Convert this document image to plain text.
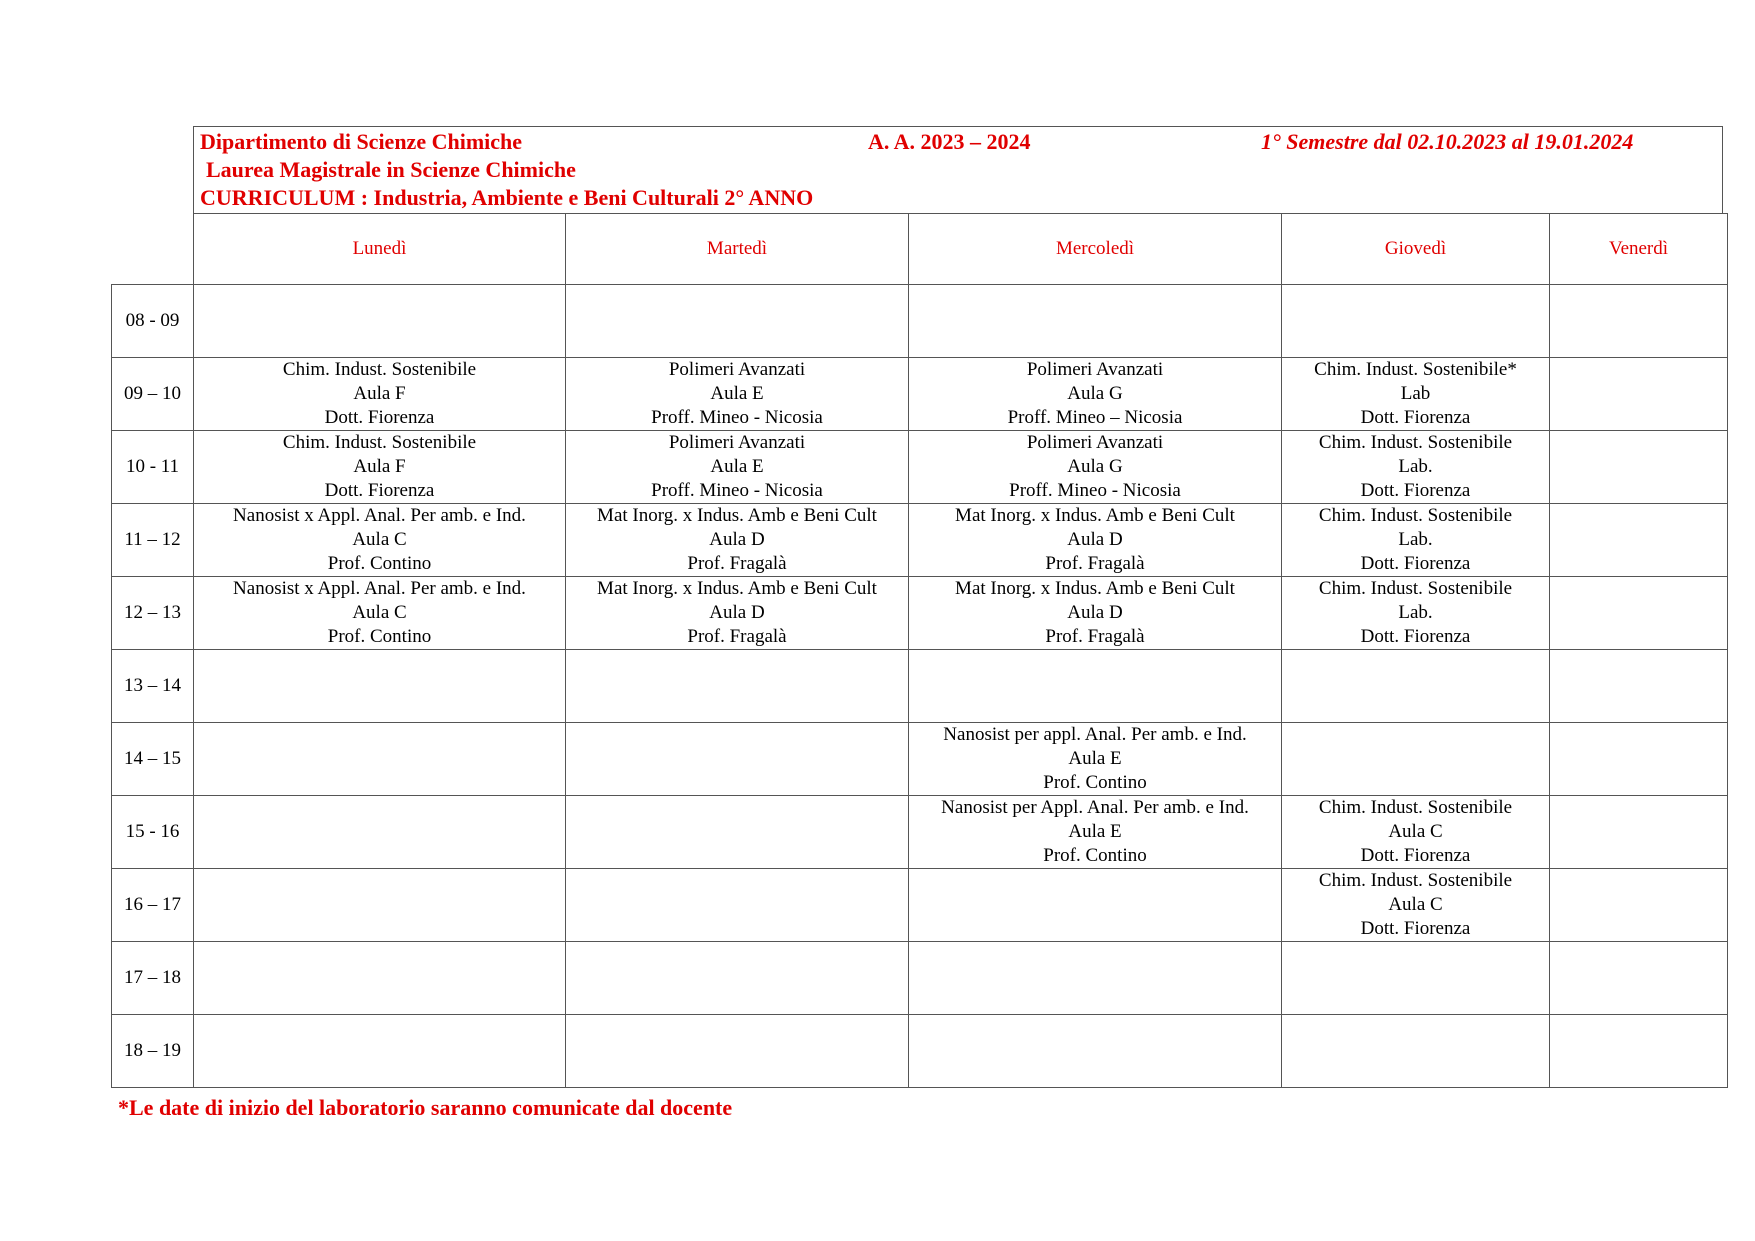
Dipartimento di Scienze Chimiche	A. A. 2023 – 2024	1° Semestre dal 02.10.2023 al 19.01.2024
Laurea Magistrale in Scienze Chimiche
CURRICULUM : Industria, Ambiente e Beni Culturali 2° ANNO
	Lunedì	Martedì	Mercoledì	Giovedì	Venerdì
08 - 09					
09 – 10	Chim. Indust. Sostenibile
Aula F
Dott. Fiorenza	Polimeri Avanzati
Aula E
Proff. Mineo - Nicosia	Polimeri Avanzati
Aula G
Proff. Mineo – Nicosia	Chim. Indust. Sostenibile*
Lab
Dott. Fiorenza	

10 - 11	Chim. Indust. Sostenibile
Aula F
Dott. Fiorenza	Polimeri Avanzati
Aula E
Proff. Mineo - Nicosia	Polimeri Avanzati
Aula G
Proff. Mineo - Nicosia	Chim. Indust. Sostenibile
Lab.
Dott. Fiorenza	

11 – 12	Nanosist x Appl. Anal. Per amb. e Ind.
Aula C
Prof. Contino	Mat Inorg. x Indus. Amb e Beni Cult
Aula D
Prof. Fragalà	Mat Inorg. x Indus. Amb e Beni Cult
Aula D
Prof. Fragalà	Chim. Indust. Sostenibile
Lab.
Dott. Fiorenza	

12 – 13	Nanosist x Appl. Anal. Per amb. e Ind.
Aula C
Prof. Contino	Mat Inorg. x Indus. Amb e Beni Cult
Aula D
Prof. Fragalà	Mat Inorg. x Indus. Amb e Beni Cult
Aula D
Prof. Fragalà	Chim. Indust. Sostenibile
Lab.
Dott. Fiorenza	

13 – 14					
14 – 15			Nanosist per appl. Anal. Per amb. e Ind.
Aula E
Prof. Contino		

15 - 16			Nanosist per Appl. Anal. Per amb. e Ind.
Aula E
Prof. Contino	Chim. Indust. Sostenibile
Aula C
Dott. Fiorenza	

16 – 17				Chim. Indust. Sostenibile
Aula C
Dott. Fiorenza	

17 – 18					
18 – 19					
*Le date di inizio del laboratorio saranno comunicate dal docente
